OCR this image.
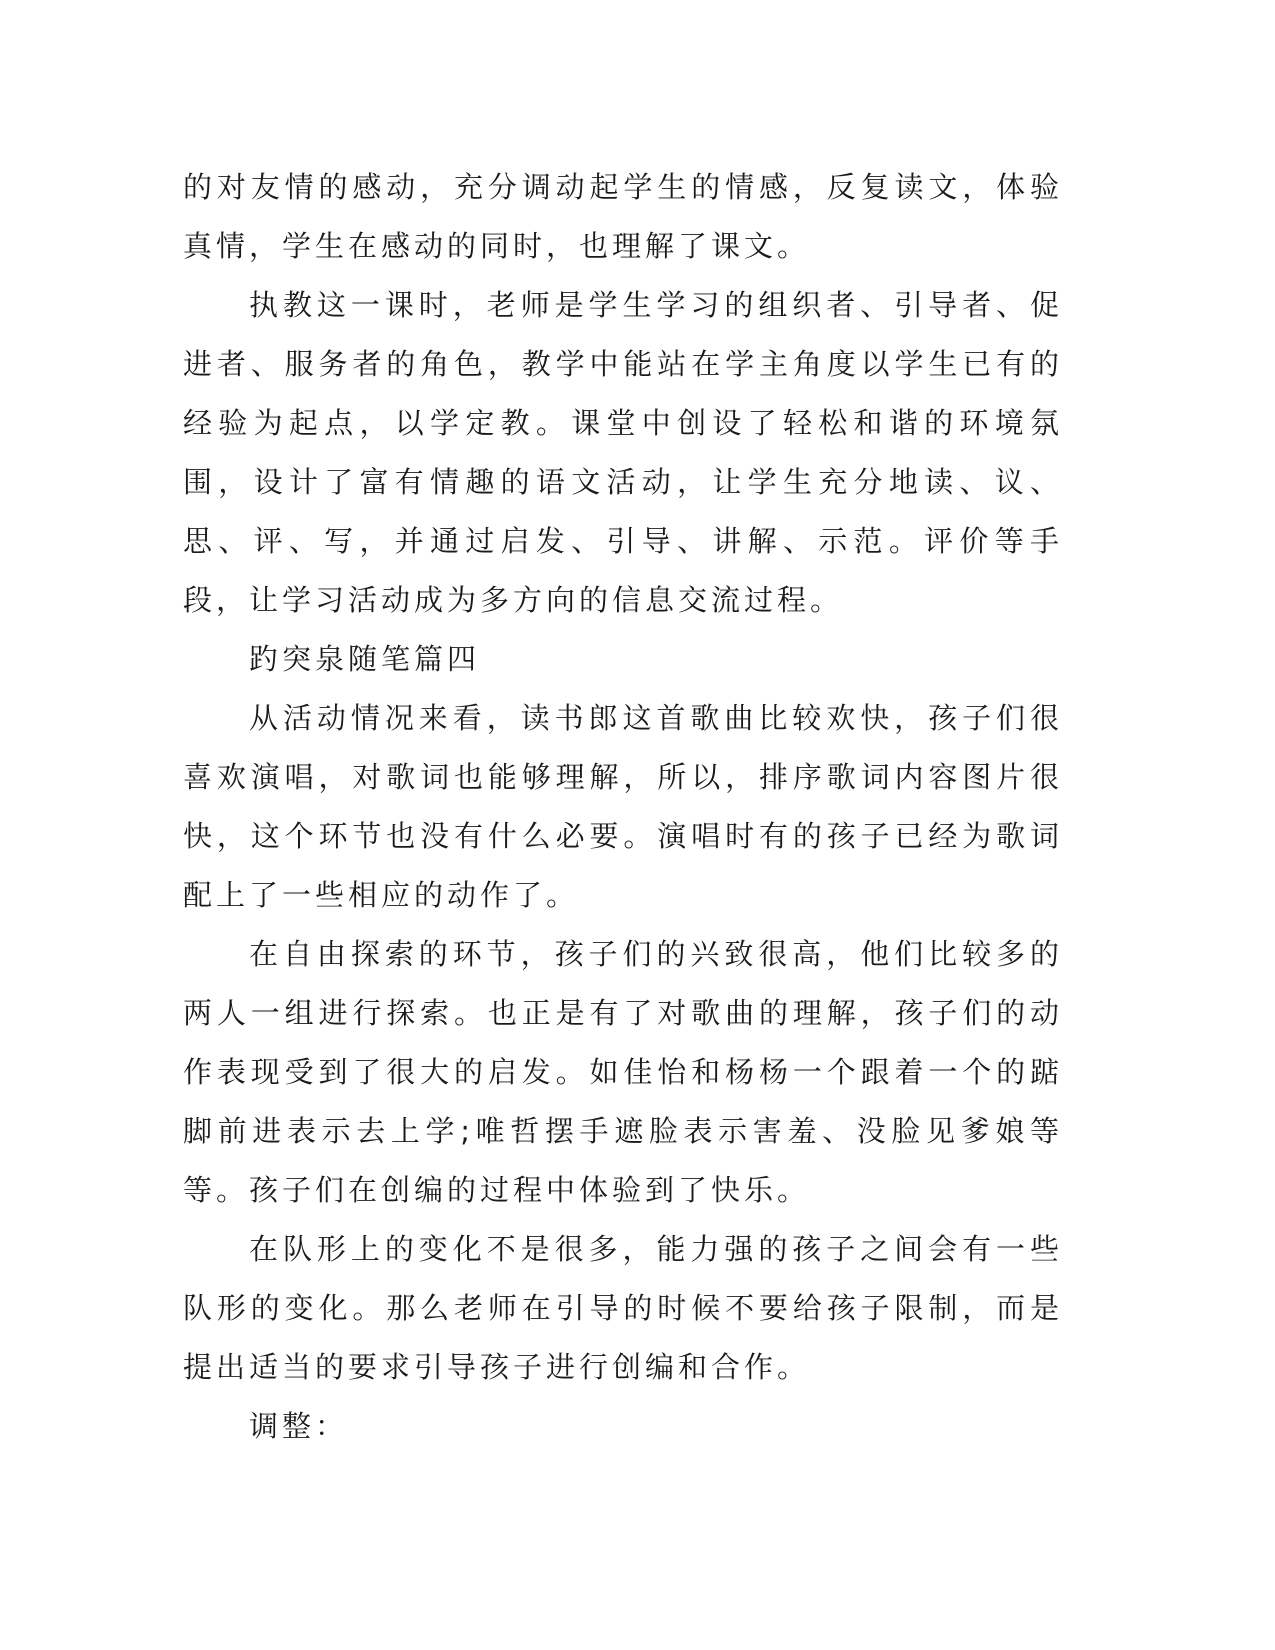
的对友情的感动，充分调动起学生的情感，反复读文，体验真情，学生在感动的同时，也理解了课文。

执教这一课时，老师是学生学习的组织者、引导者、促进者、服务者的角色，教学中能站在学主角度以学生已有的经验为起点，以学定教。课堂中创设了轻松和谐的环境氛围，设计了富有情趣的语文活动，让学生充分地读、议、思、评、写，并通过启发、引导、讲解、示范。评价等手段，让学习活动成为多方向的信息交流过程。

趵突泉随笔篇四

从活动情况来看，读书郎这首歌曲比较欢快，孩子们很喜欢演唱，对歌词也能够理解，所以，排序歌词内容图片很快，这个环节也没有什么必要。演唱时有的孩子已经为歌词配上了一些相应的动作了。

在自由探索的环节，孩子们的兴致很高，他们比较多的两人一组进行探索。也正是有了对歌曲的理解，孩子们的动作表现受到了很大的启发。如佳怡和杨杨一个跟着一个的踮脚前进表示去上学;唯哲摆手遮脸表示害羞、没脸见爹娘等等。孩子们在创编的过程中体验到了快乐。

在队形上的变化不是很多，能力强的孩子之间会有一些队形的变化。那么老师在引导的时候不要给孩子限制，而是提出适当的要求引导孩子进行创编和合作。

调整：
